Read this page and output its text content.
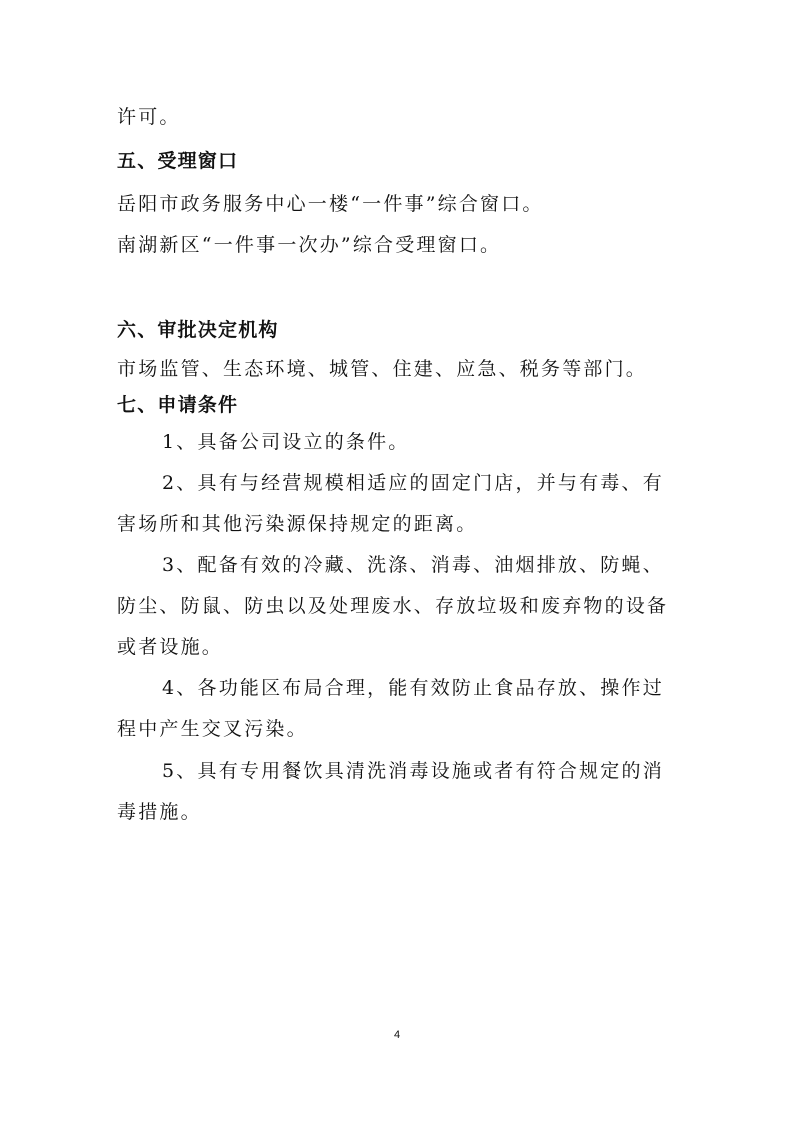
许可。
五、受理窗口
岳阳市政务服务中心一楼“一件事”综合窗口。
南湖新区“一件事一次办”综合受理窗口。
六、审批决定机构
市场监管、生态环境、城管、住建、应急、税务等部门。
七、申请条件
1、具备公司设立的条件。
2、具有与经营规模相适应的固定门店，并与有毒、有
害场所和其他污染源保持规定的距离。
3、配备有效的冷藏、洗涤、消毒、油烟排放、防蝇、
防尘、防鼠、防虫以及处理废水、存放垃圾和废弃物的设备
或者设施。
4、各功能区布局合理，能有效防止食品存放、操作过
程中产生交叉污染。
5、具有专用餐饮具清洗消毒设施或者有符合规定的消
毒措施。
4
